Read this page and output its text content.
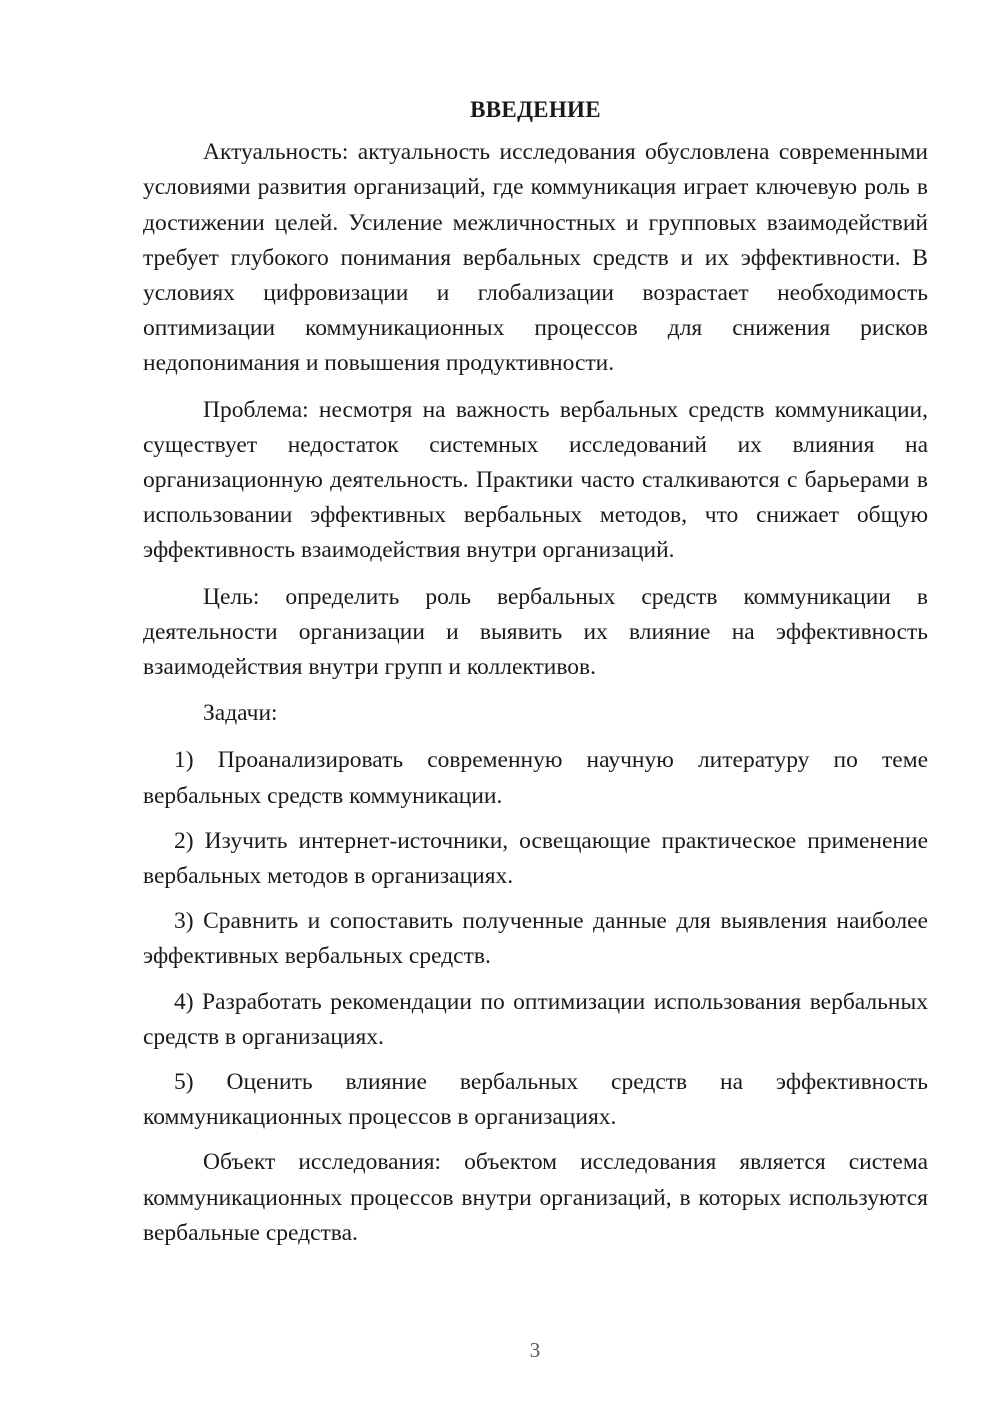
ВВЕДЕНИЕ

Актуальность: актуальность исследования обусловлена современными условиями развития организаций, где коммуникация играет ключевую роль в достижении целей. Усиление межличностных и групповых взаимодействий требует глубокого понимания вербальных средств и их эффективности. В условиях цифровизации и глобализации возрастает необходимость оптимизации коммуникационных процессов для снижения рисков недопонимания и повышения продуктивности.

Проблема: несмотря на важность вербальных средств коммуникации, существует недостаток системных исследований их влияния на организационную деятельность. Практики часто сталкиваются с барьерами в использовании эффективных вербальных методов, что снижает общую эффективность взаимодействия внутри организаций.

Цель: определить роль вербальных средств коммуникации в деятельности организации и выявить их влияние на эффективность взаимодействия внутри групп и коллективов.

Задачи:

1) Проанализировать современную научную литературу по теме вербальных средств коммуникации.

2) Изучить интернет-источники, освещающие практическое применение вербальных методов в организациях.

3) Сравнить и сопоставить полученные данные для выявления наиболее эффективных вербальных средств.

4) Разработать рекомендации по оптимизации использования вербальных средств в организациях.

5) Оценить влияние вербальных средств на эффективность коммуникационных процессов в организациях.

Объект исследования: объектом исследования является система коммуникационных процессов внутри организаций, в которых используются вербальные средства.

3
